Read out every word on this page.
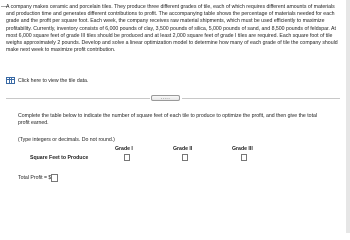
— A company makes ceramic and porcelain tiles. They produce three different grades of tile, each of which requires different amounts of materials and production time and generates different contributions to profit. The accompanying table shows the percentage of materials needed for each grade and the profit per square foot. Each week, the company receives raw material shipments, which must be used efficiently to maximize profitability. Currently, inventory consists of 6,000 pounds of clay, 3,500 pounds of silica, 5,000 pounds of sand, and 8,500 pounds of feldspar. At most 6,000 square feet of grade III tiles should be produced and at least 2,000 square feet of grade I tiles are required. Each square foot of tile weighs approximately 2 pounds. Develop and solve a linear optimization model to determine how many of each grade of tile the company should make next week to maximize profit contribution.
Click here to view the tile data.
.....
Complete the table below to indicate the number of square feet of each tile to produce to optimize the profit, and then give the total profit earned.
(Type integers or decimals. Do not round.)
Grade I	Grade II	Grade III
Square Feet to Produce
Total Profit = $
